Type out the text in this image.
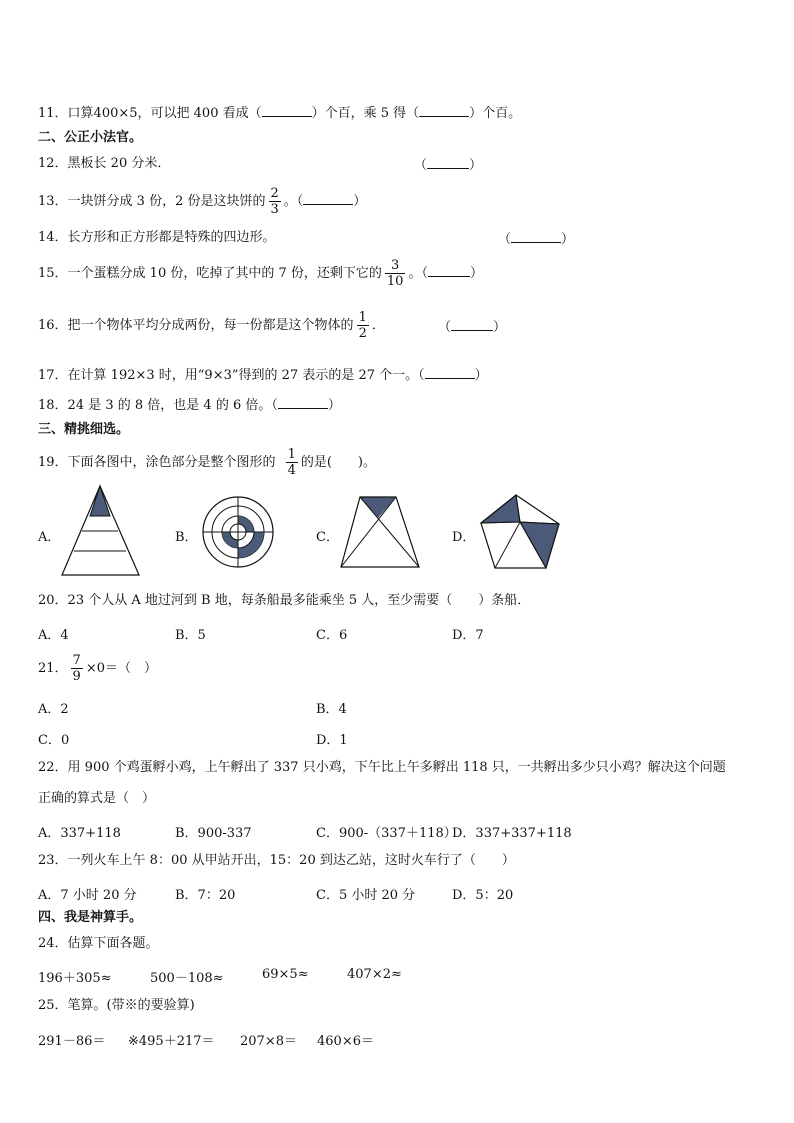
11．口算400×5，可以把 400 看成（	）个百，乘 5 得（	）个百。
二、公正小法官。
12．黑板长 20 分米．	（	）
13．一块饼分成 3 份，2 份是这块饼的 $\frac{2}{3}$ 。（	）
14．长方形和正方形都是特殊的四边形。	（	）
15．一个蛋糕分成 10 份，吃掉了其中的 7 份，还剩下它的 $\frac{3}{10}$ 。（	）
16．把一个物体平均分成两份，每一份都是这个物体的 $\frac{1}{2}$ ．	（	）
17．在计算 192×3 时，用“9×3”得到的 27 表示的是 27 个一。（	）
18．24 是 3 的 8 倍，也是 4 的 6 倍。（	）
三、精挑细选。
19．下面各图中，涂色部分是整个图形的 $\frac{1}{4}$ 的是(　　)。
A．	B．	C．	D．
20．23 个人从 A 地过河到 B 地，每条船最多能乘坐 5 人，至少需要（　　）条船．
A．4	B．5	C．6	D．7
21． $\frac{7}{9} \times 0=$（　）
A．2	B．4
C．0	D．1
22．用 900 个鸡蛋孵小鸡，上午孵出了 337 只小鸡，下午比上午多孵出 118 只，一共孵出多少只小鸡？解决这个问题
正确的算式是（　）
A．337+118	B．900-337	C．900-（337＋118）
D．337+337+118
23．一列火车上午 8：00 从甲站开出，15：20 到达乙站，这时火车行了（　　）
A．7 小时 20 分	B．7：20	C．5 小时 20 分	D．5：20
四、我是神算手。
24．估算下面各题。
196＋305≈	500－108≈	69×5≈	407×2≈
25．笔算。(带※的要验算)
291－86＝ ※495＋217＝ 207×8＝ 460×6＝
